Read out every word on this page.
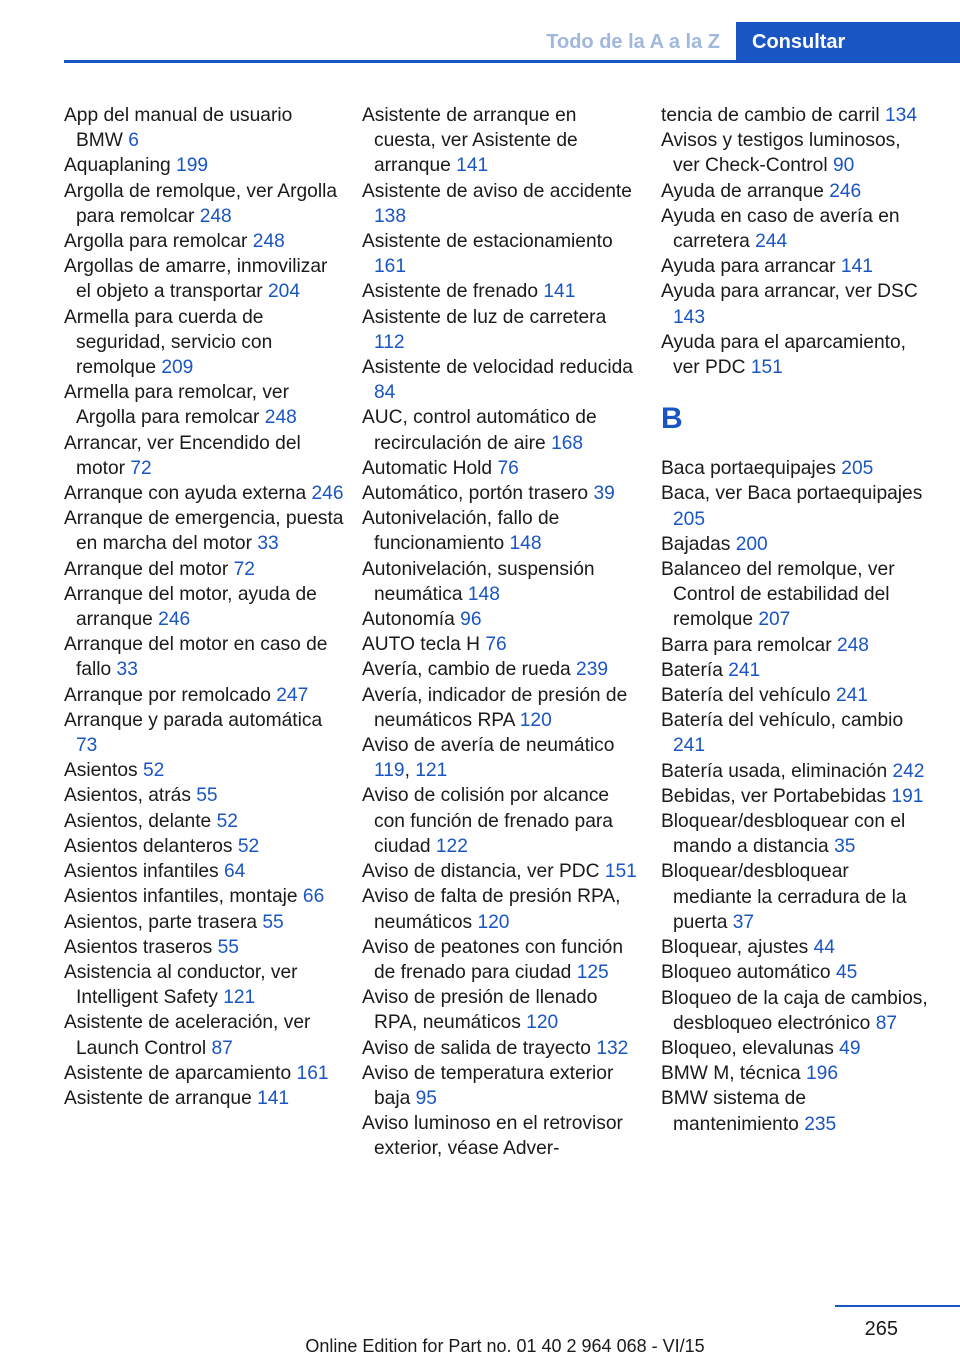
Todo de la A a la Z	Consultar

App del manual de usuario BMW 6

Aquaplaning 199

Argolla de remolque, ver Argolla para remolcar 248

Argolla para remolcar 248

Argollas de amarre, inmovilizar el objeto a transportar 204

Armella para cuerda de seguridad, servicio con remolque 209

Armella para remolcar, ver Argolla para remolcar 248

Arrancar, ver Encendido del motor 72

Arranque con ayuda externa 246

Arranque de emergencia, puesta en marcha del motor 33

Arranque del motor 72

Arranque del motor, ayuda de arranque 246

Arranque del motor en caso de fallo 33

Arranque por remolcado 247

Arranque y parada automática 73

Asientos 52

Asientos, atrás 55

Asientos, delante 52

Asientos delanteros 52

Asientos infantiles 64

Asientos infantiles, montaje 66

Asientos, parte trasera 55

Asientos traseros 55

Asistencia al conductor, ver Intelligent Safety 121

Asistente de aceleración, ver Launch Control 87

Asistente de aparcamiento 161

Asistente de arranque 141

Asistente de arranque en cuesta, ver Asistente de arranque 141

Asistente de aviso de accidente 138

Asistente de estacionamiento 161

Asistente de frenado 141

Asistente de luz de carretera 112

Asistente de velocidad reducida 84

AUC, control automático de recirculación de aire 168

Automatic Hold 76

Automático, portón trasero 39

Autonivelación, fallo de funcionamiento 148

Autonivelación, suspensión neumática 148

Autonomía 96

AUTO tecla H 76

Avería, cambio de rueda 239

Avería, indicador de presión de neumáticos RPA 120

Aviso de avería de neumático 119, 121

Aviso de colisión por alcance con función de frenado para ciudad 122

Aviso de distancia, ver PDC 151

Aviso de falta de presión RPA, neumáticos 120

Aviso de peatones con función de frenado para ciudad 125

Aviso de presión de llenado RPA, neumáticos 120

Aviso de salida de trayecto 132

Aviso de temperatura exterior baja 95

Aviso luminoso en el retrovisor exterior, véase Adver-

tencia de cambio de carril 134

Avisos y testigos luminosos, ver Check-Control 90

Ayuda de arranque 246

Ayuda en caso de avería en carretera 244

Ayuda para arrancar 141

Ayuda para arrancar, ver DSC 143

Ayuda para el aparcamiento, ver PDC 151

B

Baca portaequipajes 205

Baca, ver Baca portaequipajes 205

Bajadas 200

Balanceo del remolque, ver Control de estabilidad del remolque 207

Barra para remolcar 248

Batería 241

Batería del vehículo 241

Batería del vehículo, cambio 241

Batería usada, eliminación 242

Bebidas, ver Portabebidas 191

Bloquear/desbloquear con el mando a distancia 35

Bloquear/desbloquear mediante la cerradura de la puerta 37

Bloquear, ajustes 44

Bloqueo automático 45

Bloqueo de la caja de cambios, desbloqueo electrónico 87

Bloqueo, elevalunas 49

BMW M, técnica 196

BMW sistema de mantenimiento 235

265
Online Edition for Part no. 01 40 2 964 068 - VI/15
